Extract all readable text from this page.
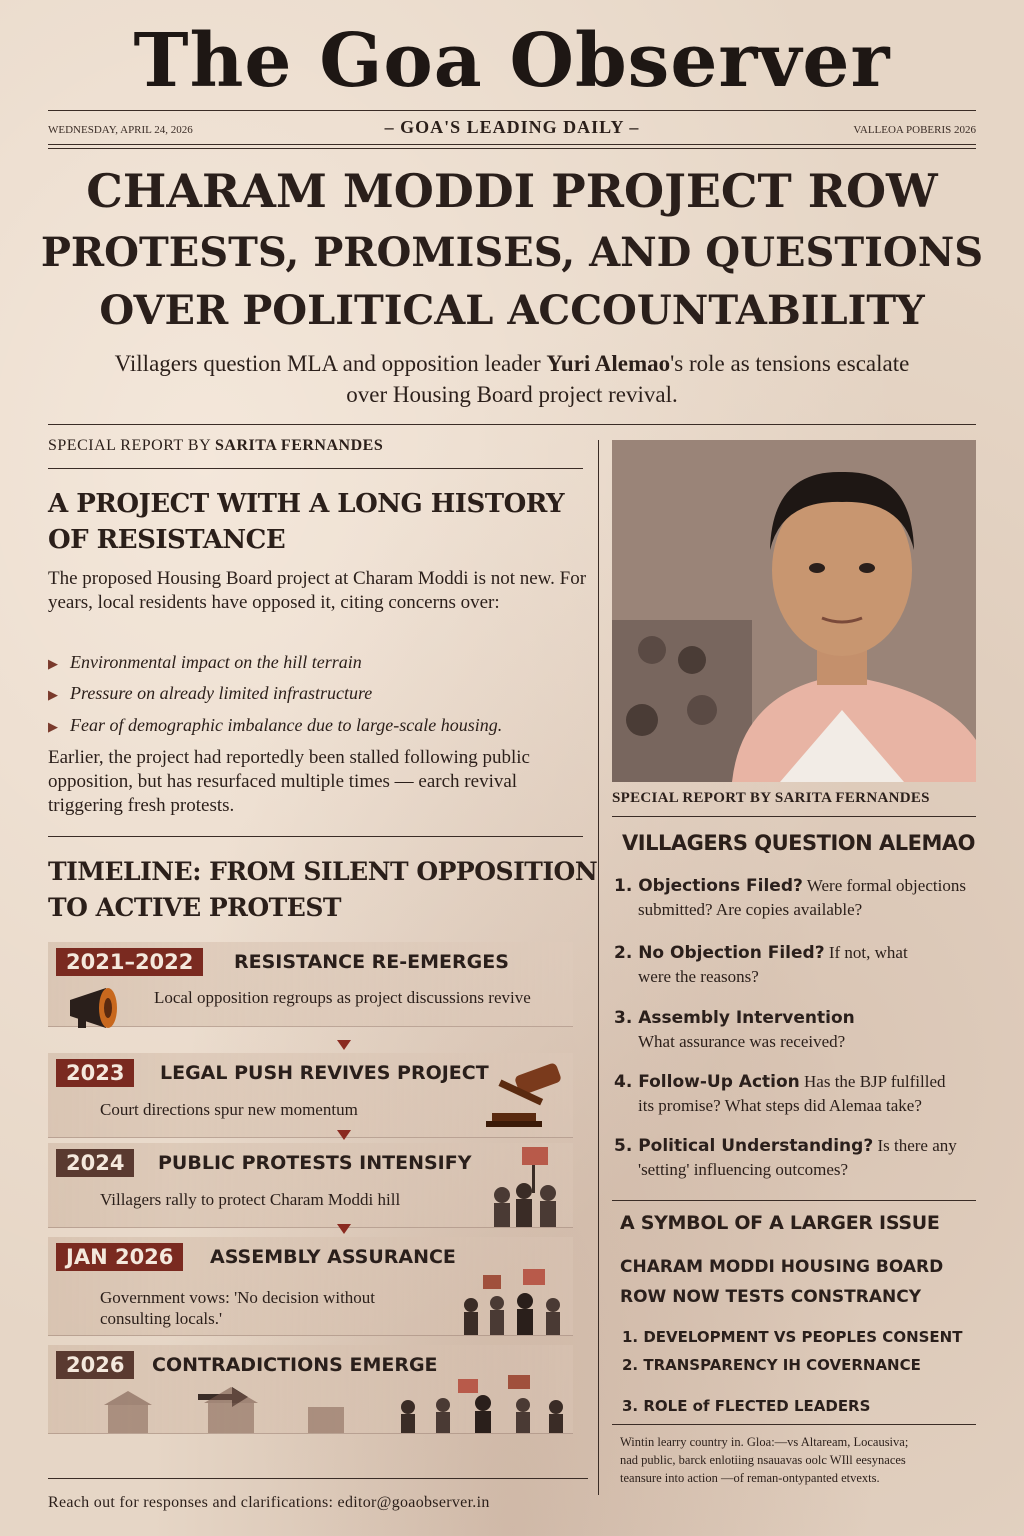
The Goa Observer
WEDNESDAY, APRIL 24, 2026	– GOA'S LEADING DAILY –	VALLEOA POBERIS 2026
CHARAM MODDI PROJECT ROW
PROTESTS, PROMISES, AND QUESTIONS
OVER POLITICAL ACCOUNTABILITY
Villagers question MLA and opposition leader Yuri Alemao's role as tensions escalate
over Housing Board project revival.
SPECIAL REPORT BY SARITA FERNANDES
A PROJECT WITH A LONG HISTORY
OF RESISTANCE
The proposed Housing Board project at Charam Moddi is not new. For years, local residents have opposed it, citing concerns over:
▶ Environmental impact on the hill terrain
▶ Pressure on already limited infrastructure
▶ Fear of demographic imbalance due to large-scale housing.
Earlier, the project had reportedly been stalled following public opposition, but has resurfaced multiple times — earch revival triggering fresh protests.
TIMELINE: FROM SILENT OPPOSITION
TO ACTIVE PROTEST
2021–2022	RESISTANCE RE-EMERGES
Local opposition regroups as project discussions revive
2023	LEGAL PUSH REVIVES PROJECT
Court directions spur new momentum
2024	PUBLIC PROTESTS INTENSIFY
Villagers rally to protect Charam Moddi hill
JAN 2026	ASSEMBLY ASSURANCE
Government vows: 'No decision without consulting locals.'
2026	CONTRADICTIONS EMERGE
SPECIAL REPORT BY SARITA FERNANDES
VILLAGERS QUESTION ALEMAO
1. Objections Filed? Were formal objections
submitted? Are copies available?
2. No Objection Filed? If not, what
were the reasons?
3. Assembly Intervention
What assurance was received?
4. Follow-Up Action Has the BJP fulfilled
its promise? What steps did Alemaa take?
5. Political Understanding? Is there any
'setting' influencing outcomes?
A SYMBOL OF A LARGER ISSUE
CHARAM MODDI HOUSING BOARD
ROW NOW TESTS CONSTRANCY
1. DEVELOPMENT VS PEOPLES CONSENT
2. TRANSPARENCY IH COVERNANCE
3. ROLE of FLECTED LEADERS
Wintin learry country in. Gloa:—vs Altaream, Locausiva;
nad public, barck enlotiing nsauavas oolc WIll eesynaces
teansure into action —of reman-ontypanted etvexts.
Reach out for responses and clarifications: editor@goaobserver.in
